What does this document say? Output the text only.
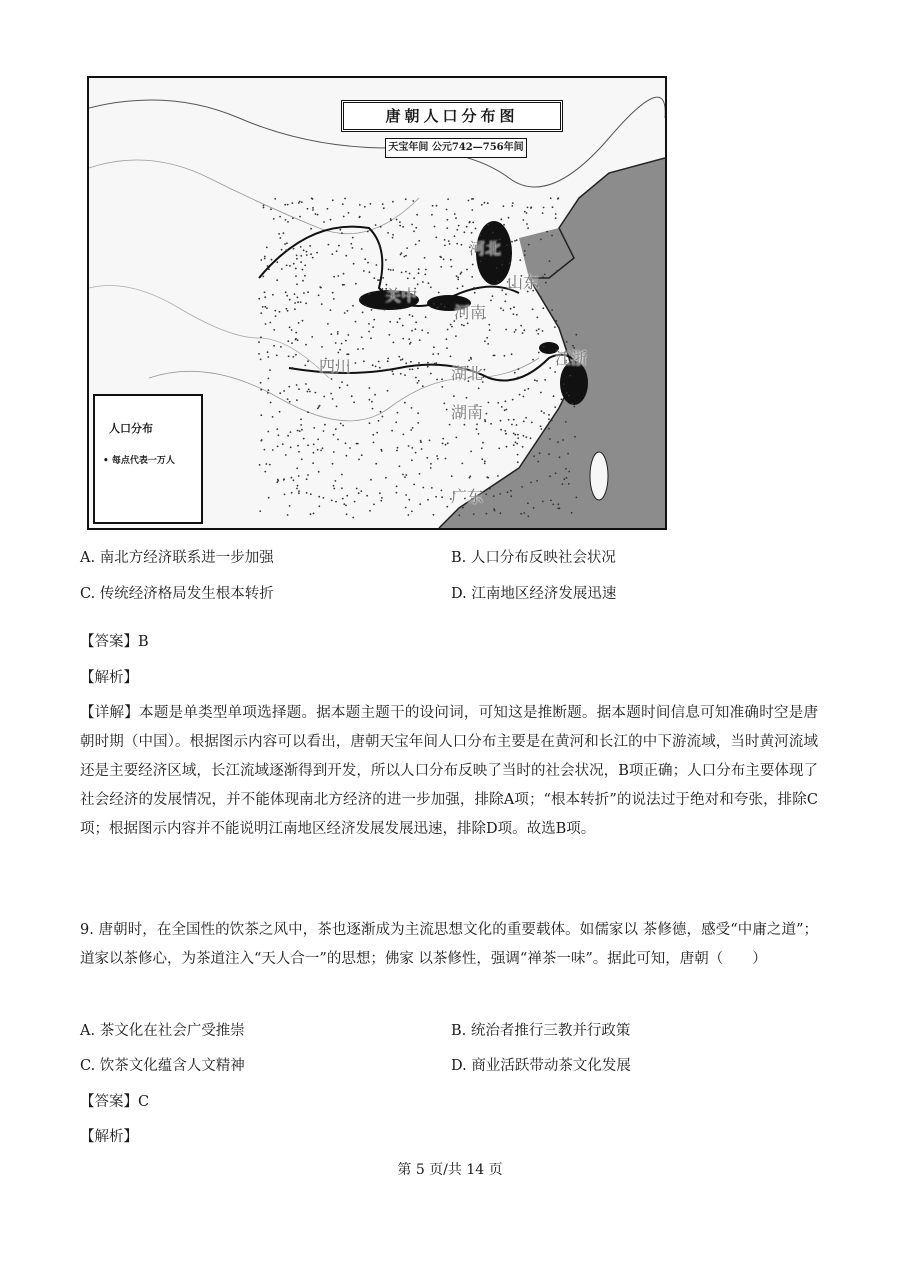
唐朝人口分布图
天宝年间 公元742—756年间
河北
山东
关中
河南
四川	湖北
江浙
湖南
广东
人口分布
• 每点代表一万人
A. 南北方经济联系进一步加强	B. 人口分布反映社会状况
C. 传统经济格局发生根本转折	D. 江南地区经济发展迅速
【答案】B
【解析】
【详解】本题是单类型单项选择题。据本题主题干的设问词，可知这是推断题。据本题时间信息可知准确时空是唐朝时期（中国）。根据图示内容可以看出，唐朝天宝年间人口分布主要是在黄河和长江的中下游流域，当时黄河流域还是主要经济区域，长江流域逐渐得到开发，所以人口分布反映了当时的社会状况，B项正确；人口分布主要体现了社会经济的发展情况，并不能体现南北方经济的进一步加强，排除A项；“根本转折”的说法过于绝对和夸张，排除C项；根据图示内容并不能说明江南地区经济发展发展迅速，排除D项。故选B项。
9. 唐朝时，在全国性的饮茶之风中，茶也逐渐成为主流思想文化的重要载体。如儒家以 茶修德，感受“中庸之道”；道家以茶修心，为茶道注入“天人合一”的思想；佛家 以茶修性，强调“禅茶一味”。据此可知，唐朝（　　）
A. 茶文化在社会广受推崇	B. 统治者推行三教并行政策
C. 饮茶文化蕴含人文精神	D. 商业活跃带动茶文化发展
【答案】C
【解析】
第 5 页/共 14 页
